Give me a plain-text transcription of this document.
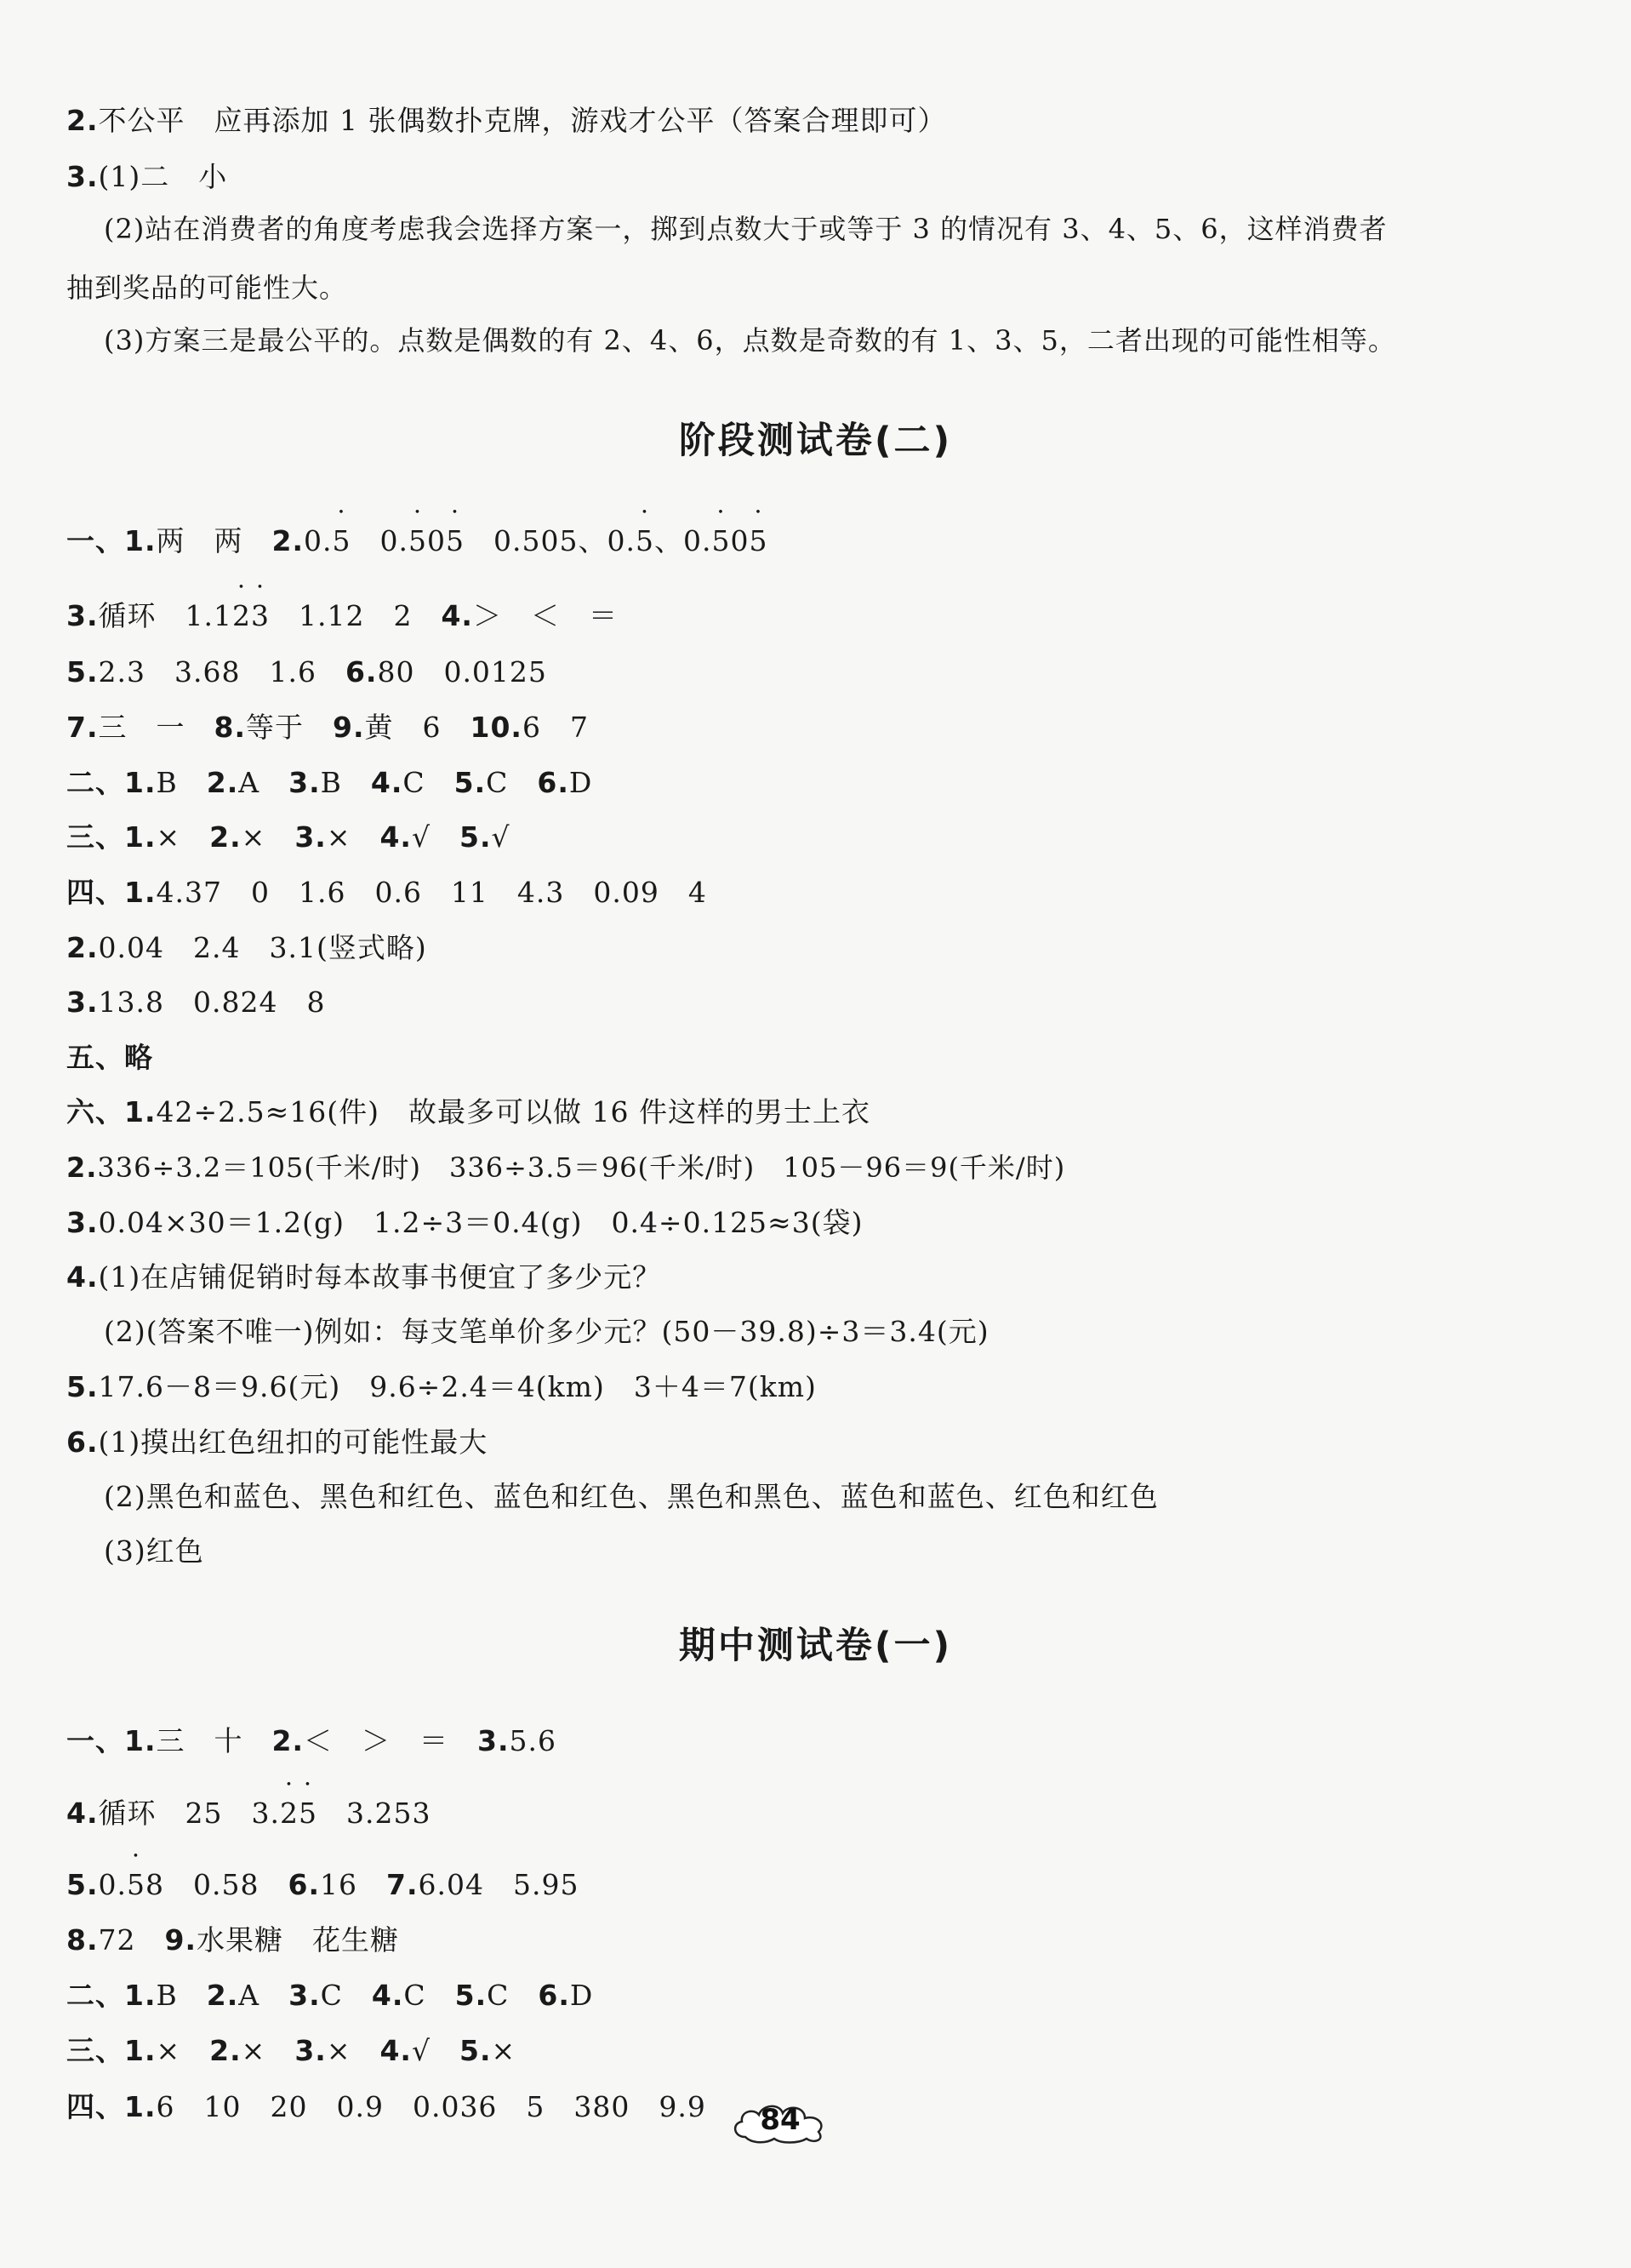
2.不公平　应再添加 1 张偶数扑克牌，游戏才公平（答案合理即可）
3.(1)二　小
(2)站在消费者的角度考虑我会选择方案一，掷到点数大于或等于 3 的情况有 3、4、5、6，这样消费者
抽到奖品的可能性大。
(3)方案三是最公平的。点数是偶数的有 2、4、6，点数是奇数的有 1、3、5，二者出现的可能性相等。
阶段测试卷(二)
一、1.两　两　 2.0.• 5　 0.• 50• 5　 0.505、0.• 5、0.• 50• 5
3.循环　1.1• 2• 3　 1.12　2　 4.＞　＜　＝
5.2.3　3.68　1.6　 6.80　0.0125
7.三　一　 8.等于　 9.黄　6　 10.6　7
二、1.B　 2.A　 3.B　 4.C　 5.C　 6.D
三、1.×　 2.×　 3.×　 4.√　 5.√
四、1.4.37　0　1.6　0.6　11　4.3　0.09　4
2.0.04　2.4　3.1(竖式略)
3.13.8　0.824　8
五、略
六、1.42÷2.5≈16(件)　故最多可以做 16 件这样的男士上衣
2.336÷3.2＝105(千米/时)　336÷3.5＝96(千米/时)　105－96＝9(千米/时)
3.0.04×30＝1.2(g)　1.2÷3＝0.4(g)　0.4÷0.125≈3(袋)
4.(1)在店铺促销时每本故事书便宜了多少元？
(2)(答案不唯一)例如：每支笔单价多少元？(50－39.8)÷3＝3.4(元)
5.17.6－8＝9.6(元)　9.6÷2.4＝4(km)　3＋4＝7(km)
6.(1)摸出红色纽扣的可能性最大
(2)黑色和蓝色、黑色和红色、蓝色和红色、黑色和黑色、蓝色和蓝色、红色和红色
(3)红色
期中测试卷(一)
一、1.三　十　 2.＜　＞　＝　 3.5.6
4.循环　25　3.• 2• 5　 3.253
5.0.• 58　0.58　 6.16　 7.6.04　5.95
8.72　 9.水果糖　花生糖
二、1.B　 2.A　 3.C　 4.C　 5.C　 6.D
三、1.×　 2.×　 3.×　 4.√　 5.×
四、1.6　10　20　0.9　0.036　5　380　9.9	84
